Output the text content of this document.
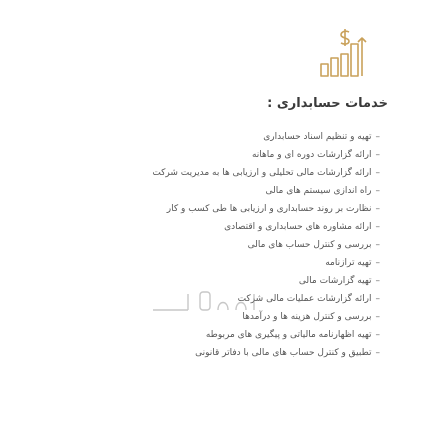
خدمات حسابداری :
–تهیه و تنظیم اسناد حسابداری
–ارائه گزارشات دوره ای و ماهانه
–ارائه گزارشات مالی تحلیلی و ارزیابی ها به مدیریت شرکت
–راه اندازی سیستم های مالی
–نظارت بر روند حسابداری و ارزیابی ها طی کسب و کار
–ارائه مشاوره های حسابداری و اقتصادی
–بررسی و کنترل حساب های مالی
–تهیه ترازنامه
–تهیه گزارشات مالی
–ارائه گزارشات عملیات مالی شرکت
–بررسی و کنترل هزینه ها و درآمدها
–تهیه اظهارنامه مالیاتی و پیگیری های مربوطه
–تطبیق و کنترل حساب های مالی با دفاتر قانونی
